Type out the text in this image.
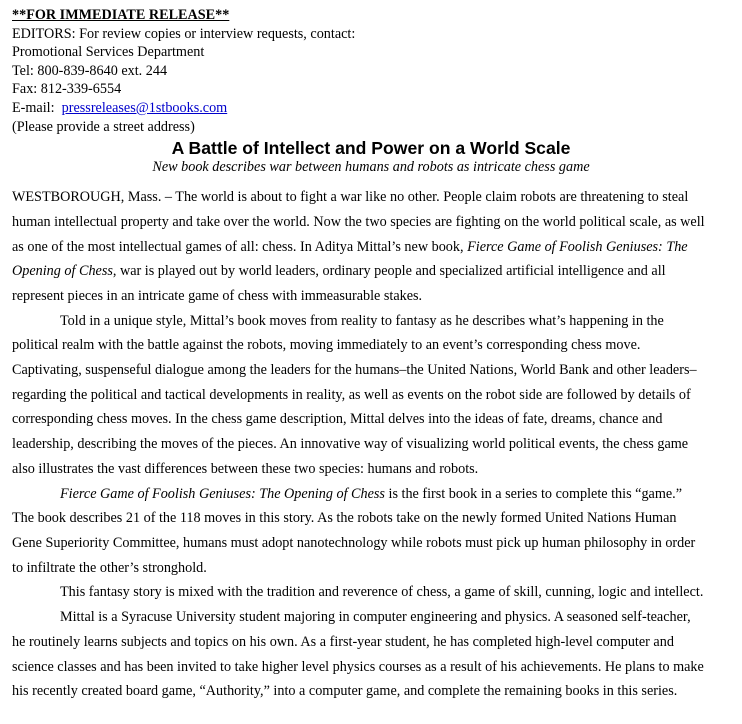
**FOR IMMEDIATE RELEASE**
EDITORS: For review copies or interview requests, contact:
Promotional Services Department
Tel: 800-839-8640 ext. 244
Fax: 812-339-6554
E-mail:  pressreleases@1stbooks.com
(Please provide a street address)
A Battle of Intellect and Power on a World Scale
New book describes war between humans and robots as intricate chess game

WESTBOROUGH, Mass. – The world is about to fight a war like no other. People claim robots are threatening to steal
human intellectual property and take over the world. Now the two species are fighting on the world political scale, as well
as one of the most intellectual games of all: chess. In Aditya Mittal’s new book, Fierce Game of Foolish Geniuses: The
Opening of Chess, war is played out by world leaders, ordinary people and specialized artificial intelligence and all
represent pieces in an intricate game of chess with immeasurable stakes.

Told in a unique style, Mittal’s book moves from reality to fantasy as he describes what’s happening in the
political realm with the battle against the robots, moving immediately to an event’s corresponding chess move.
Captivating, suspenseful dialogue among the leaders for the humans–the United Nations, World Bank and other leaders–
regarding the political and tactical developments in reality, as well as events on the robot side are followed by details of
corresponding chess moves. In the chess game description, Mittal delves into the ideas of fate, dreams, chance and
leadership, describing the moves of the pieces. An innovative way of visualizing world political events, the chess game
also illustrates the vast differences between these two species: humans and robots.

Fierce Game of Foolish Geniuses: The Opening of Chess is the first book in a series to complete this “game.”
The book describes 21 of the 118 moves in this story. As the robots take on the newly formed United Nations Human
Gene Superiority Committee, humans must adopt nanotechnology while robots must pick up human philosophy in order
to infiltrate the other’s stronghold.

This fantasy story is mixed with the tradition and reverence of chess, a game of skill, cunning, logic and intellect.

Mittal is a Syracuse University student majoring in computer engineering and physics. A seasoned self-teacher,
he routinely learns subjects and topics on his own. As a first-year student, he has completed high-level computer and
science classes and has been invited to take higher level physics courses as a result of his achievements. He plans to make
his recently created board game, “Authority,” into a computer game, and complete the remaining books in this series.
